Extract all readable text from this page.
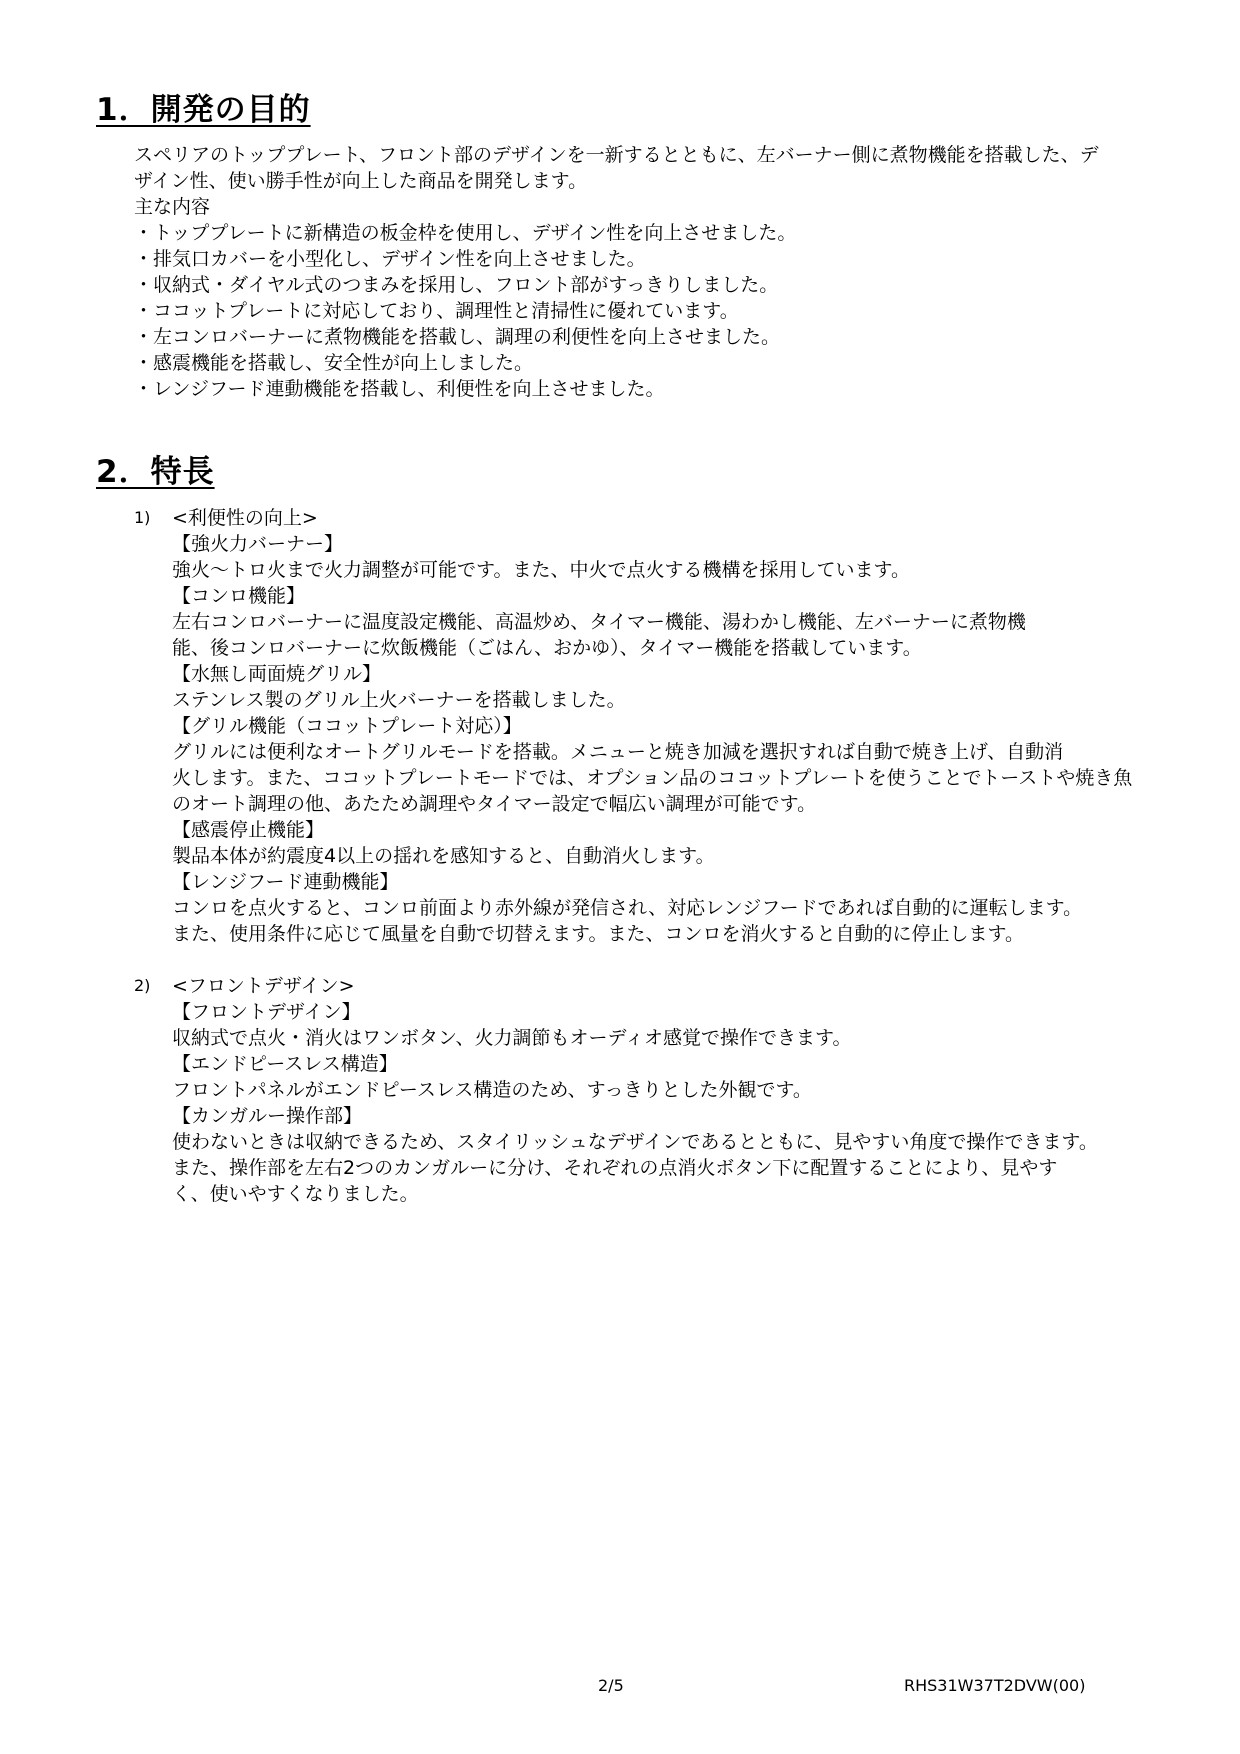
1．開発の目的

スペリアのトッププレート、フロント部のデザインを一新するとともに、左バーナー側に煮物機能を搭載した、デ

ザイン性、使い勝手性が向上した商品を開発します。

主な内容

・トッププレートに新構造の板金枠を使用し、デザイン性を向上させました。

・排気口カバーを小型化し、デザイン性を向上させました。

・収納式・ダイヤル式のつまみを採用し、フロント部がすっきりしました。

・ココットプレートに対応しており、調理性と清掃性に優れています。

・左コンロバーナーに煮物機能を搭載し、調理の利便性を向上させました。

・感震機能を搭載し、安全性が向上しました。

・レンジフード連動機能を搭載し、利便性を向上させました。

2．特長

1) <利便性の向上>

【強火力バーナー】

強火～トロ火まで火力調整が可能です。また、中火で点火する機構を採用しています。

【コンロ機能】

左右コンロバーナーに温度設定機能、高温炒め、タイマー機能、湯わかし機能、左バーナーに煮物機

能、後コンロバーナーに炊飯機能（ごはん、おかゆ）、タイマー機能を搭載しています。

【水無し両面焼グリル】

ステンレス製のグリル上火バーナーを搭載しました。

【グリル機能（ココットプレート対応）】

グリルには便利なオートグリルモードを搭載。メニューと焼き加減を選択すれば自動で焼き上げ、自動消

火します。また、ココットプレートモードでは、オプション品のココットプレートを使うことでトーストや焼き魚

のオート調理の他、あたため調理やタイマー設定で幅広い調理が可能です。

【感震停止機能】

製品本体が約震度4以上の揺れを感知すると、自動消火します。

【レンジフード連動機能】

コンロを点火すると、コンロ前面より赤外線が発信され、対応レンジフードであれば自動的に運転します。

また、使用条件に応じて風量を自動で切替えます。また、コンロを消火すると自動的に停止します。

2) <フロントデザイン>

【フロントデザイン】

収納式で点火・消火はワンボタン、火力調節もオーディオ感覚で操作できます。

【エンドピースレス構造】

フロントパネルがエンドピースレス構造のため、すっきりとした外観です。

【カンガルー操作部】

使わないときは収納できるため、スタイリッシュなデザインであるとともに、見やすい角度で操作できます。

また、操作部を左右2つのカンガルーに分け、それぞれの点消火ボタン下に配置することにより、見やす

く、使いやすくなりました。

2/5	RHS31W37T2DVW(00)
